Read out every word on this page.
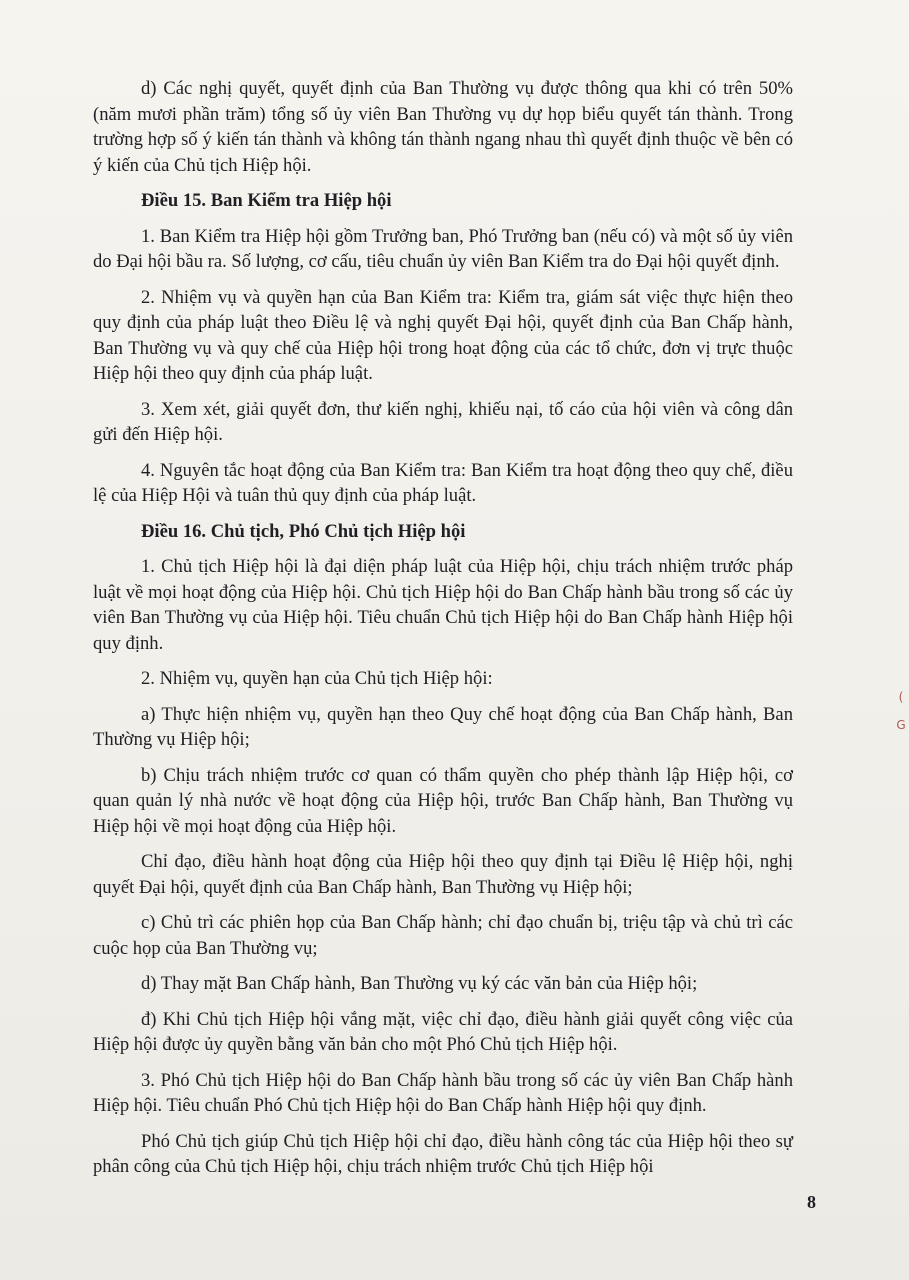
d) Các nghị quyết, quyết định của Ban Thường vụ được thông qua khi có trên 50% (năm mươi phần trăm) tổng số ủy viên Ban Thường vụ dự họp biểu quyết tán thành. Trong trường hợp số ý kiến tán thành và không tán thành ngang nhau thì quyết định thuộc về bên có ý kiến của Chủ tịch Hiệp hội.

Điều 15. Ban Kiểm tra Hiệp hội

1. Ban Kiểm tra Hiệp hội gồm Trưởng ban, Phó Trưởng ban (nếu có) và một số ủy viên do Đại hội bầu ra. Số lượng, cơ cấu, tiêu chuẩn ủy viên Ban Kiểm tra do Đại hội quyết định.

2. Nhiệm vụ và quyền hạn của Ban Kiểm tra: Kiểm tra, giám sát việc thực hiện theo quy định của pháp luật theo Điều lệ và nghị quyết Đại hội, quyết định của Ban Chấp hành, Ban Thường vụ và quy chế của Hiệp hội trong hoạt động của các tổ chức, đơn vị trực thuộc Hiệp hội theo quy định của pháp luật.

3. Xem xét, giải quyết đơn, thư kiến nghị, khiếu nại, tố cáo của hội viên và công dân gửi đến Hiệp hội.

4. Nguyên tắc hoạt động của Ban Kiểm tra: Ban Kiểm tra hoạt động theo quy chế, điều lệ của Hiệp Hội và tuân thủ quy định của pháp luật.

Điều 16. Chủ tịch, Phó Chủ tịch Hiệp hội

1. Chủ tịch Hiệp hội là đại diện pháp luật của Hiệp hội, chịu trách nhiệm trước pháp luật về mọi hoạt động của Hiệp hội. Chủ tịch Hiệp hội do Ban Chấp hành bầu trong số các ủy viên Ban Thường vụ của Hiệp hội. Tiêu chuẩn Chủ tịch Hiệp hội do Ban Chấp hành Hiệp hội quy định.

2. Nhiệm vụ, quyền hạn của Chủ tịch Hiệp hội:

a) Thực hiện nhiệm vụ, quyền hạn theo Quy chế hoạt động của Ban Chấp hành, Ban Thường vụ Hiệp hội;

b) Chịu trách nhiệm trước cơ quan có thẩm quyền cho phép thành lập Hiệp hội, cơ quan quản lý nhà nước về hoạt động của Hiệp hội, trước Ban Chấp hành, Ban Thường vụ Hiệp hội về mọi hoạt động của Hiệp hội.

Chỉ đạo, điều hành hoạt động của Hiệp hội theo quy định tại Điều lệ Hiệp hội, nghị quyết Đại hội, quyết định của Ban Chấp hành, Ban Thường vụ Hiệp hội;

c) Chủ trì các phiên họp của Ban Chấp hành; chỉ đạo chuẩn bị, triệu tập và chủ trì các cuộc họp của Ban Thường vụ;

d) Thay mặt Ban Chấp hành, Ban Thường vụ ký các văn bản của Hiệp hội;

đ) Khi Chủ tịch Hiệp hội vắng mặt, việc chỉ đạo, điều hành giải quyết công việc của Hiệp hội được ủy quyền bằng văn bản cho một Phó Chủ tịch Hiệp hội.

3. Phó Chủ tịch Hiệp hội do Ban Chấp hành bầu trong số các ủy viên Ban Chấp hành Hiệp hội. Tiêu chuẩn Phó Chủ tịch Hiệp hội do Ban Chấp hành Hiệp hội quy định.

Phó Chủ tịch giúp Chủ tịch Hiệp hội chỉ đạo, điều hành công tác của Hiệp hội theo sự phân công của Chủ tịch Hiệp hội, chịu trách nhiệm trước Chủ tịch Hiệp hội

8
(
G
